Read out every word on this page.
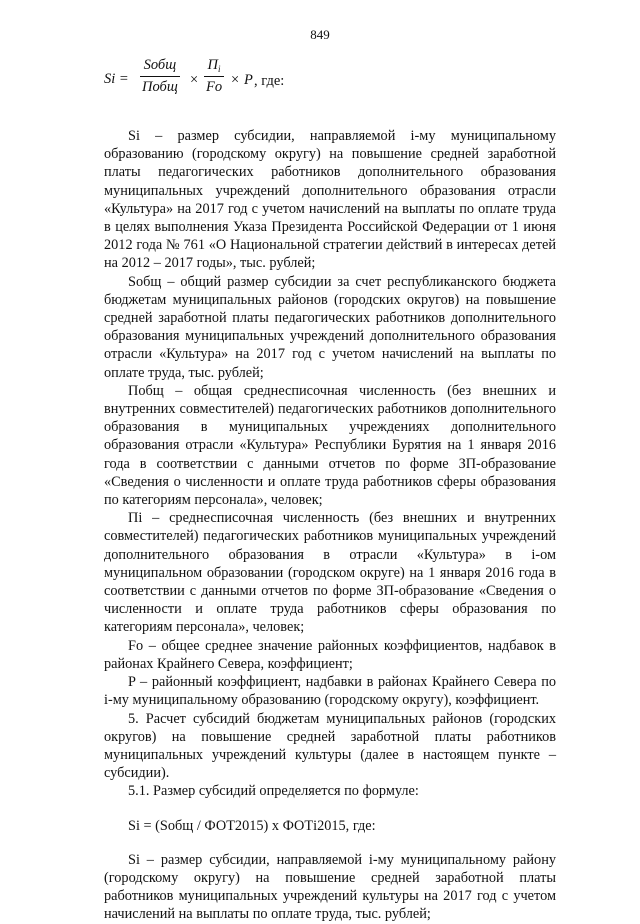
849
Si =
Sобщ
Побщ ×
$П_i$
Fо × P , где:

Si – размер субсидии, направляемой i-му муниципальному образованию (городскому округу) на повышение средней заработной платы педагогических работников дополнительного образования муниципальных учреждений дополнительного образования отрасли «Культура» на 2017 год с учетом начислений на выплаты по оплате труда в целях выполнения Указа Президента Российской Федерации от 1 июня 2012 года № 761 «О Национальной стратегии действий в интересах детей на 2012 – 2017 годы», тыс. рублей;

Sобщ – общий размер субсидии за счет республиканского бюджета бюджетам муниципальных районов (городских округов) на повышение средней заработной платы педагогических работников дополнительного образования муниципальных учреждений дополнительного образования отрасли «Культура» на 2017 год с учетом начислений на выплаты по оплате труда, тыс. рублей;

Побщ – общая среднесписочная численность (без внешних и внутренних совместителей) педагогических работников дополнительного образования в муниципальных учреждениях дополнительного образования отрасли «Культура» Республики Бурятия на 1 января 2016 года в соответствии с данными отчетов по форме ЗП-образование «Сведения о численности и оплате труда работников сферы образования по категориям персонала», человек;

Пi – среднесписочная численность (без внешних и внутренних совместителей) педагогических работников муниципальных учреждений дополнительного образования в отрасли «Культура» в i-ом муниципальном образовании (городском округе) на 1 января 2016 года в соответствии с данными отчетов по форме ЗП-образование «Сведения о численности и оплате труда работников сферы образования по категориям персонала», человек;

Fо – общее среднее значение районных коэффициентов, надбавок в районах Крайнего Севера, коэффициент;

P – районный коэффициент, надбавки в районах Крайнего Севера по i-му муниципальному образованию (городскому округу), коэффициент.

5. Расчет субсидий бюджетам муниципальных районов (городских округов) на повышение средней заработной платы работников муниципальных учреждений культуры (далее в настоящем пункте – субсидии).

5.1. Размер субсидий определяется по формуле:

Si = (Sобщ / ФОТ2015) х ФОТi2015, где:

Si – размер субсидии, направляемой i-му муниципальному району (городскому округу) на повышение средней заработной платы работников муниципальных учреждений культуры на 2017 год с учетом начислений на выплаты по оплате труда, тыс. рублей;
